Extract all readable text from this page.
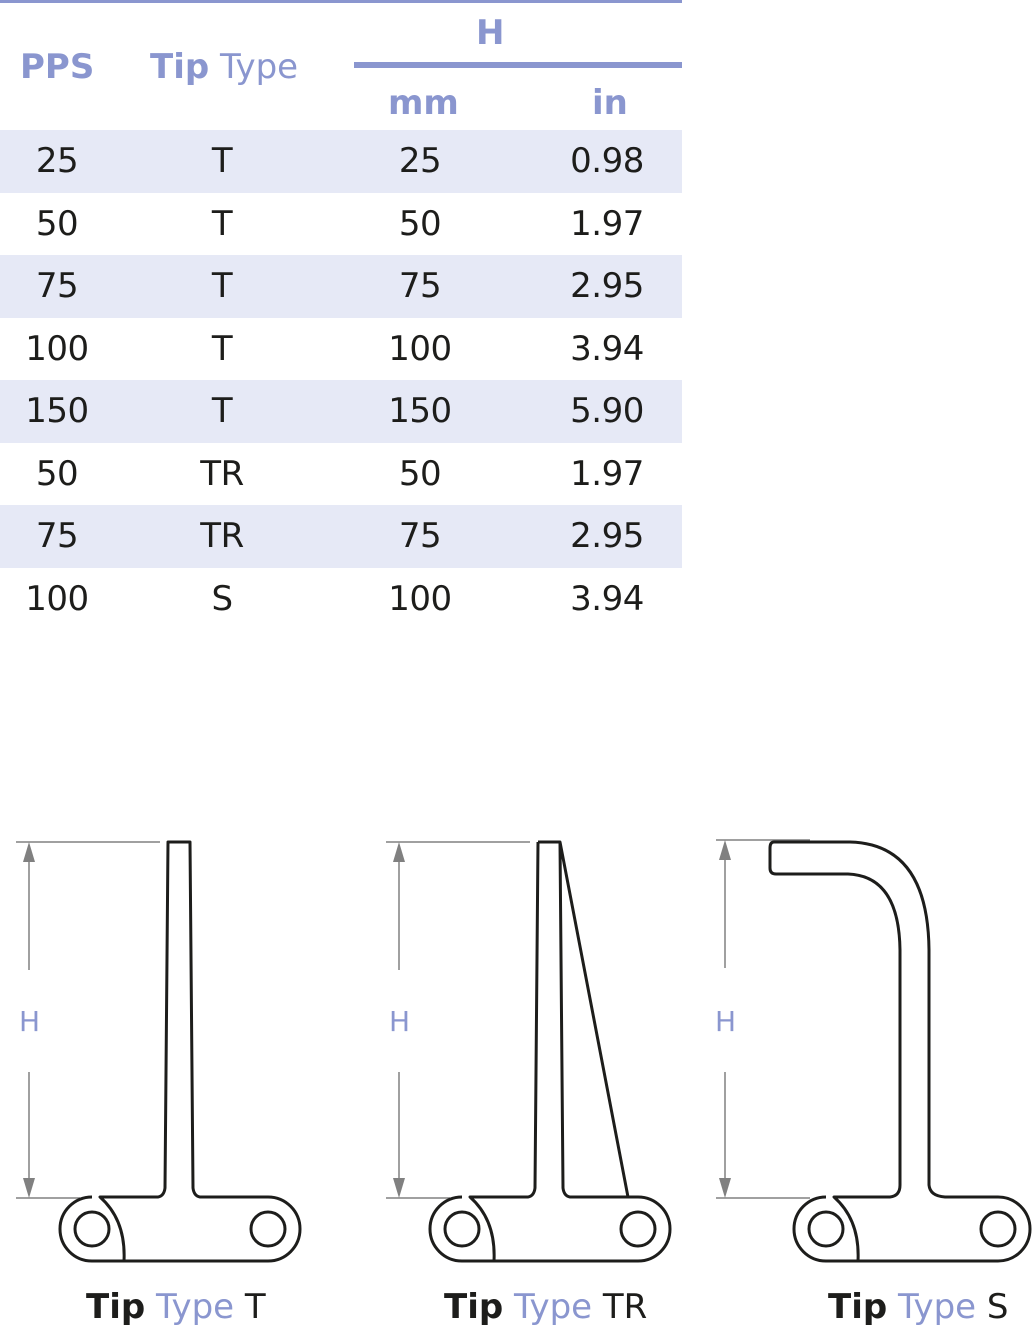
PPS Tip Type
H
mm	in
25	T	25	0.98
50	T	50	1.97
75	T	75	2.95
100	T	100	3.94
150	T	150	5.90
50	TR	50	1.97
75	TR	75	2.95
100	S	100	3.94
H
Tip Type T
H
Tip Type TR
H
Tip Type S
